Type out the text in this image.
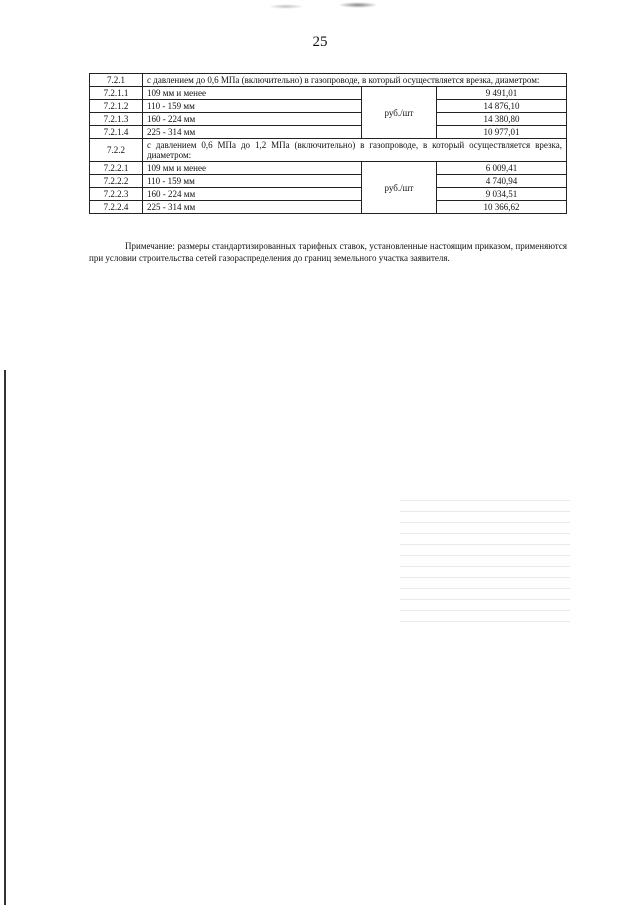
25
7.2.1	с давлением до 0,6 МПа (включительно) в газопроводе, в который осуществляется врезка, диаметром:		
7.2.1.1	109 мм и менее	руб./шт	9 491,01
7.2.1.2	110 - 159 мм		14 876,10
7.2.1.3	160 - 224 мм		14 380,80
7.2.1.4	225 - 314 мм		10 977,01
7.2.2	с давлением 0,6 МПа до 1,2 МПа (включительно) в газопроводе, в который осуществляется врезка, диаметром:		
7.2.2.1	109 мм и менее	руб./шт	6 009,41
7.2.2.2	110 - 159 мм		4 740,94
7.2.2.3	160 - 224 мм		9 034,51
7.2.2.4	225 - 314 мм		10 366,62

Примечание: размеры стандартизированных тарифных ставок, установленные настоящим приказом, применяются при условии строительства сетей газораспределения до границ земельного участка заявителя.
